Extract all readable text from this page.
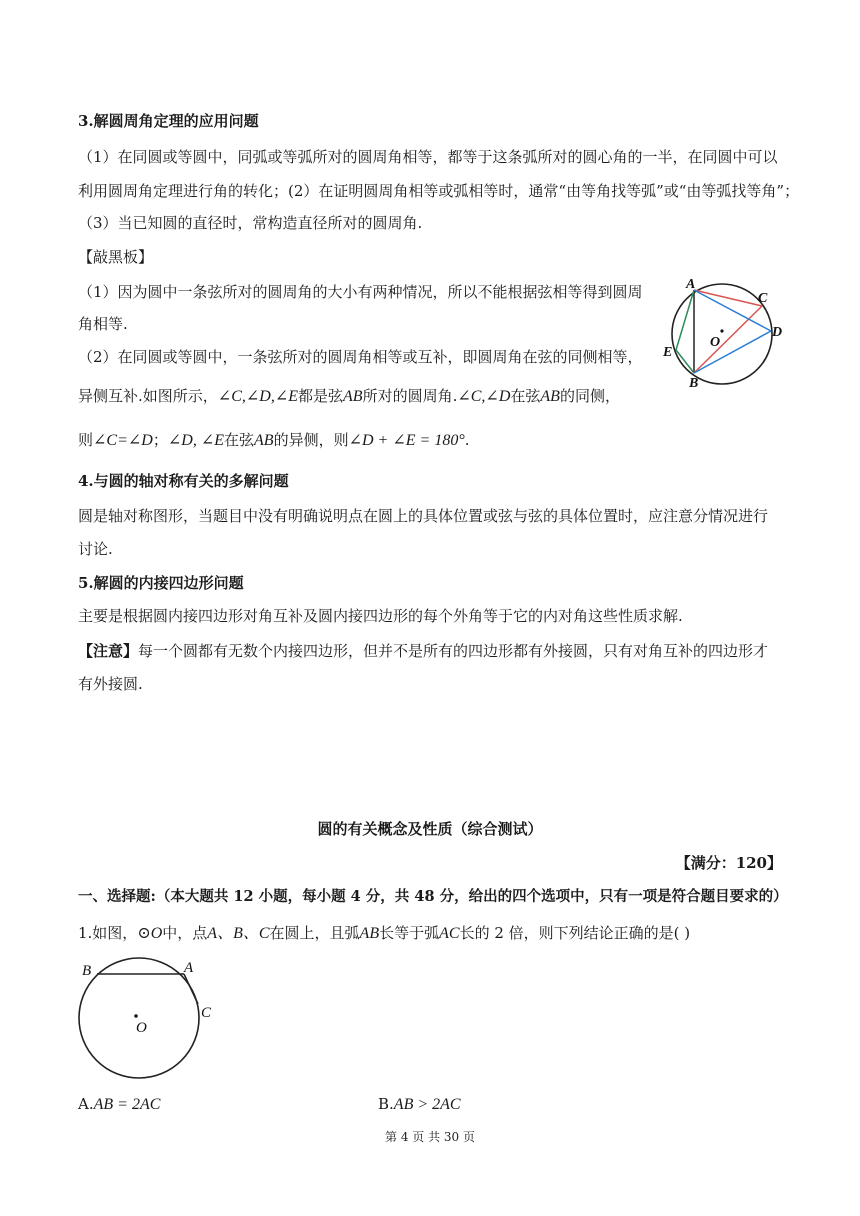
3.解圆周角定理的应用问题
（1）在同圆或等圆中，同弧或等弧所对的圆周角相等，都等于这条弧所对的圆心角的一半，在同圆中可以
利用圆周角定理进行角的转化；(2）在证明圆周角相等或弧相等时，通常“由等角找等弧”或“由等弧找等角”；
（3）当已知圆的直径时，常构造直径所对的圆周角.
【敲黑板】
（1）因为圆中一条弦所对的圆周角的大小有两种情况，所以不能根据弦相等得到圆周
角相等.
（2）在同圆或等圆中，一条弦所对的圆周角相等或互补，即圆周角在弦的同侧相等，
异侧互补.如图所示，∠C,∠D,∠E都是弦AB所对的圆周角.∠C,∠D在弦AB的同侧，
则∠C=∠D；∠D, ∠E在弦AB的异侧，则∠D + ∠E = 180°.
A
C
D
E
B
O
4.与圆的轴对称有关的多解问题
圆是轴对称图形，当题目中没有明确说明点在圆上的具体位置或弦与弦的具体位置时，应注意分情况进行
讨论.
5.解圆的内接四边形问题
主要是根据圆内接四边形对角互补及圆内接四边形的每个外角等于它的内对角这些性质求解.
【注意】每一个圆都有无数个内接四边形，但并不是所有的四边形都有外接圆，只有对角互补的四边形才
有外接圆.
圆的有关概念及性质（综合测试）
【满分：120】
一、选择题:（本大题共 12 小题，每小题 4 分，共 48 分，给出的四个选项中，只有一项是符合题目要求的）
1.如图，⊙O中，点A、B、C在圆上，且弧AB长等于弧AC长的 2 倍，则下列结论正确的是( )
B	A
C
O
A.AB = 2AC	B.AB > 2AC
第 4 页 共 30 页
